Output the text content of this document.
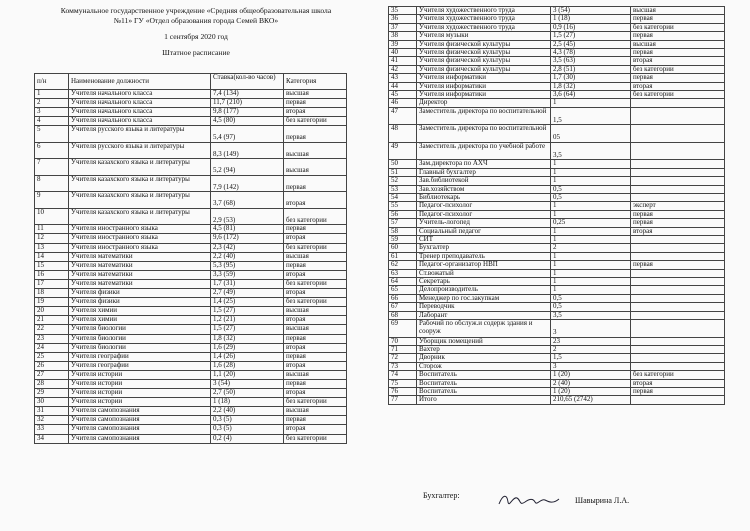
Коммунальное государственное учреждение «Средняя общеобразовательная школа
№11» ГУ «Отдел образования города Семей ВКО»
1 сентября 2020 год
Штатное расписание
п/н	Наименование должности	Ставка(кол-во часов)	Категория
1	Учителя начального класса	7,4 (134)	высшая
2	Учителя начального класса	11,7 (210)	первая
3	Учителя начального класса	9,8 (177)	вторая
4	Учителя начального класса	4,5 (80)	без категории
5	Учителя русского языка и литературы	5,4 (97)	первая
6	Учителя русского языка и литературы	8,3 (149)	высшая
7	Учителя казахского языка и литературы	5,2 (94)	высшая
8	Учителя казахского языка и литературы	7,9 (142)	первая
9	Учителя казахского языка и литературы	3,7 (68)	вторая
10	Учителя казахского языка и литературы	2,9 (53)	без категории
11	Учителя иностранного языка	4,5 (81)	первая
12	Учителя иностранного языка	9,6 (172)	вторая
13	Учителя иностранного языка	2,3 (42)	без категории
14	Учителя математики	2,2 (40)	высшая
15	Учителя математики	5,3 (95)	первая
16	Учителя математики	3,3 (59)	вторая
17	Учителя математики	1,7 (31)	без категории
18	Учителя физики	2,7 (49)	вторая
19	Учителя физики	1,4 (25)	без категории
20	Учителя химии	1,5 (27)	высшая
21	Учителя химии	1,2 (21)	вторая
22	Учителя биологии	1,5 (27)	высшая
23	Учителя биологии	1,8 (32)	первая
24	Учителя биологии	1,6 (29)	вторая
25	Учителя географии	1,4 (26)	первая
26	Учителя географии	1,6 (28)	вторая
27	Учителя истории	1,1 (20)	высшая
28	Учителя истории	3 (54)	первая
29	Учителя истории	2,7 (50)	вторая
30	Учителя истории	1 (18)	без категории
31	Учителя самопознания	2,2 (40)	высшая
32	Учителя самопознания	0,3 (5)	первая
33	Учителя самопознания	0,3 (5)	вторая
34	Учителя самопознания	0,2 (4)	без категории
35	Учителя художественного труда	3 (54)	высшая
36	Учителя художественного труда	1 (18)	первая
37	Учителя художественного труда	0,9 (16)	без категории
38	Учителя музыки	1,5 (27)	первая
39	Учителя физической культуры	2,5 (45)	высшая
40	Учителя физической культуры	4,3 (78)	первая
41	Учителя физической культуры	3,5 (63)	вторая
42	Учителя физической культуры	2,8 (51)	без категории
43	Учителя информатики	1,7 (30)	первая
44	Учителя информатики	1,8 (32)	вторая
45	Учителя информатики	3,6 (64)	без категории
46	Директор	1	
47	Заместитель директора по воспитательной	1,5	
48	Заместитель директора по воспитательной	05	
49	Заместитель директора по учебной работе	3,5	
50	Зам.директора по АХЧ	1	
51	Главный бухгалтер	1	
52	Зав.библиотекой	1	
53	Зав.хозяйством	0,5	
54	Библиотекарь	0,5	
55	Педагог-психолог	1	эксперт
56	Педагог-психолог	1	первая
57	Учитель-логопед	0,25	первая
58	Социальный педагог	1	вторая
59	СИТ	1	
60	Бухгалтер	2	
61	Тренер преподаватель	1	
62	Педагог-организатор НВП	1	первая
63	Ст.вожатый	1	
64	Секретарь	1	
65	Делопроизводитель	1	
66	Менеджер по гос.закупкам	0,5	
67	Переводчик	0,5	
68	Лаборант	3,5	
69	Рабочий по обслуж.и содерж здания и сооруж	3	
70	Уборщик помещений	23	
71	Вахтер	2	
72	Дворник	1,5	
73	Сторож	3	
74	Воспитатель	1 (20)	без категории
75	Воспитатель	2 (40)	вторая
76	Воспитатель	1 (20)	первая
77	Итого	210,65 (2742)	
Бухгалтер:
Шавырина Л.А.
